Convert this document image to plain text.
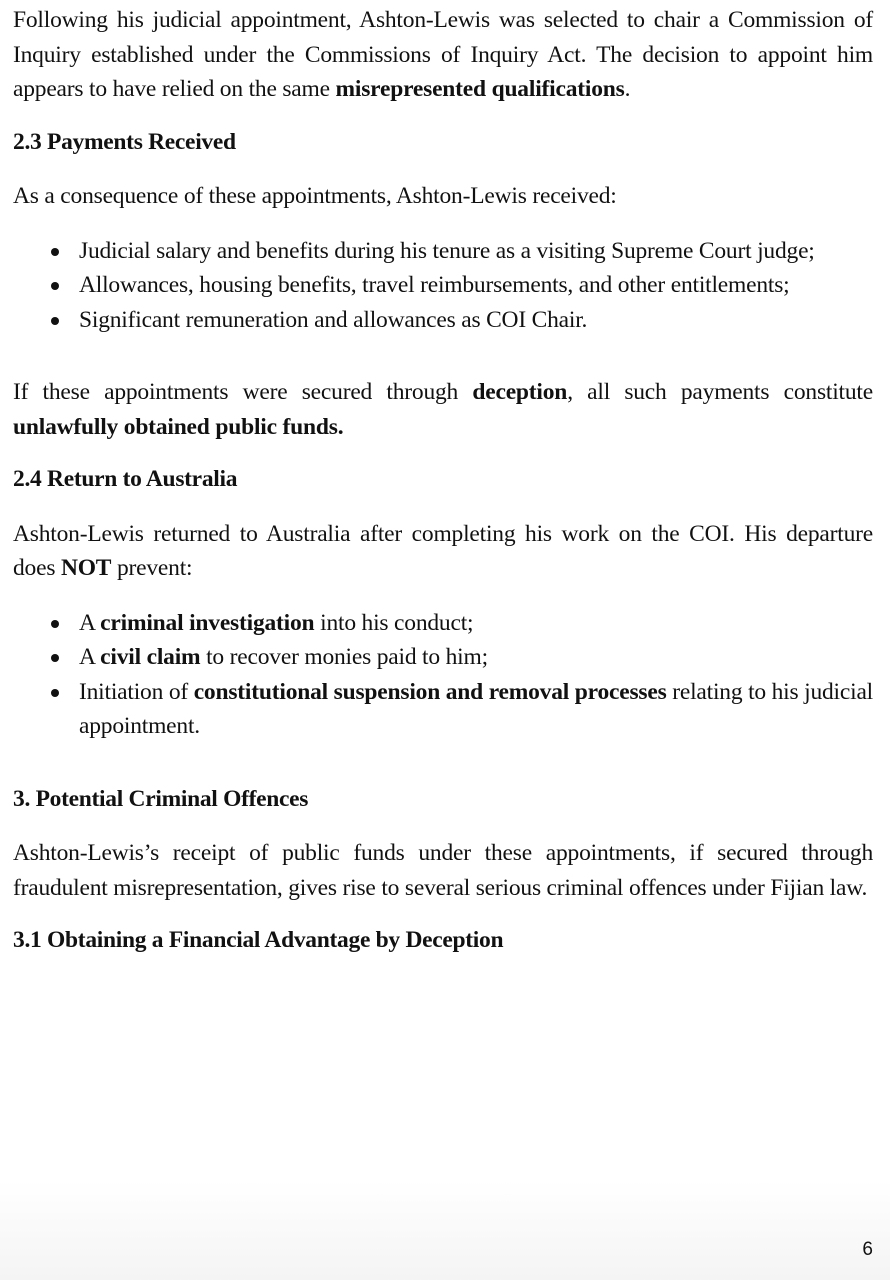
Following his judicial appointment, Ashton-Lewis was selected to chair a Commission of Inquiry established under the Commissions of Inquiry Act. The decision to appoint him appears to have relied on the same misrepresented qualifications.

2.3 Payments Received

As a consequence of these appointments, Ashton-Lewis received:

Judicial salary and benefits during his tenure as a visiting Supreme Court judge;
Allowances, housing benefits, travel reimbursements, and other entitlements;
Significant remuneration and allowances as COI Chair.

If these appointments were secured through deception, all such payments constitute unlawfully obtained public funds.

2.4 Return to Australia

Ashton-Lewis returned to Australia after completing his work on the COI. His departure does NOT prevent:

A criminal investigation into his conduct;
A civil claim to recover monies paid to him;
Initiation of constitutional suspension and removal processes relating to his judicial appointment.
3. Potential Criminal Offences

Ashton-Lewis’s receipt of public funds under these appointments, if secured through fraudulent misrepresentation, gives rise to several serious criminal offences under Fijian law.

3.1 Obtaining a Financial Advantage by Deception
6
